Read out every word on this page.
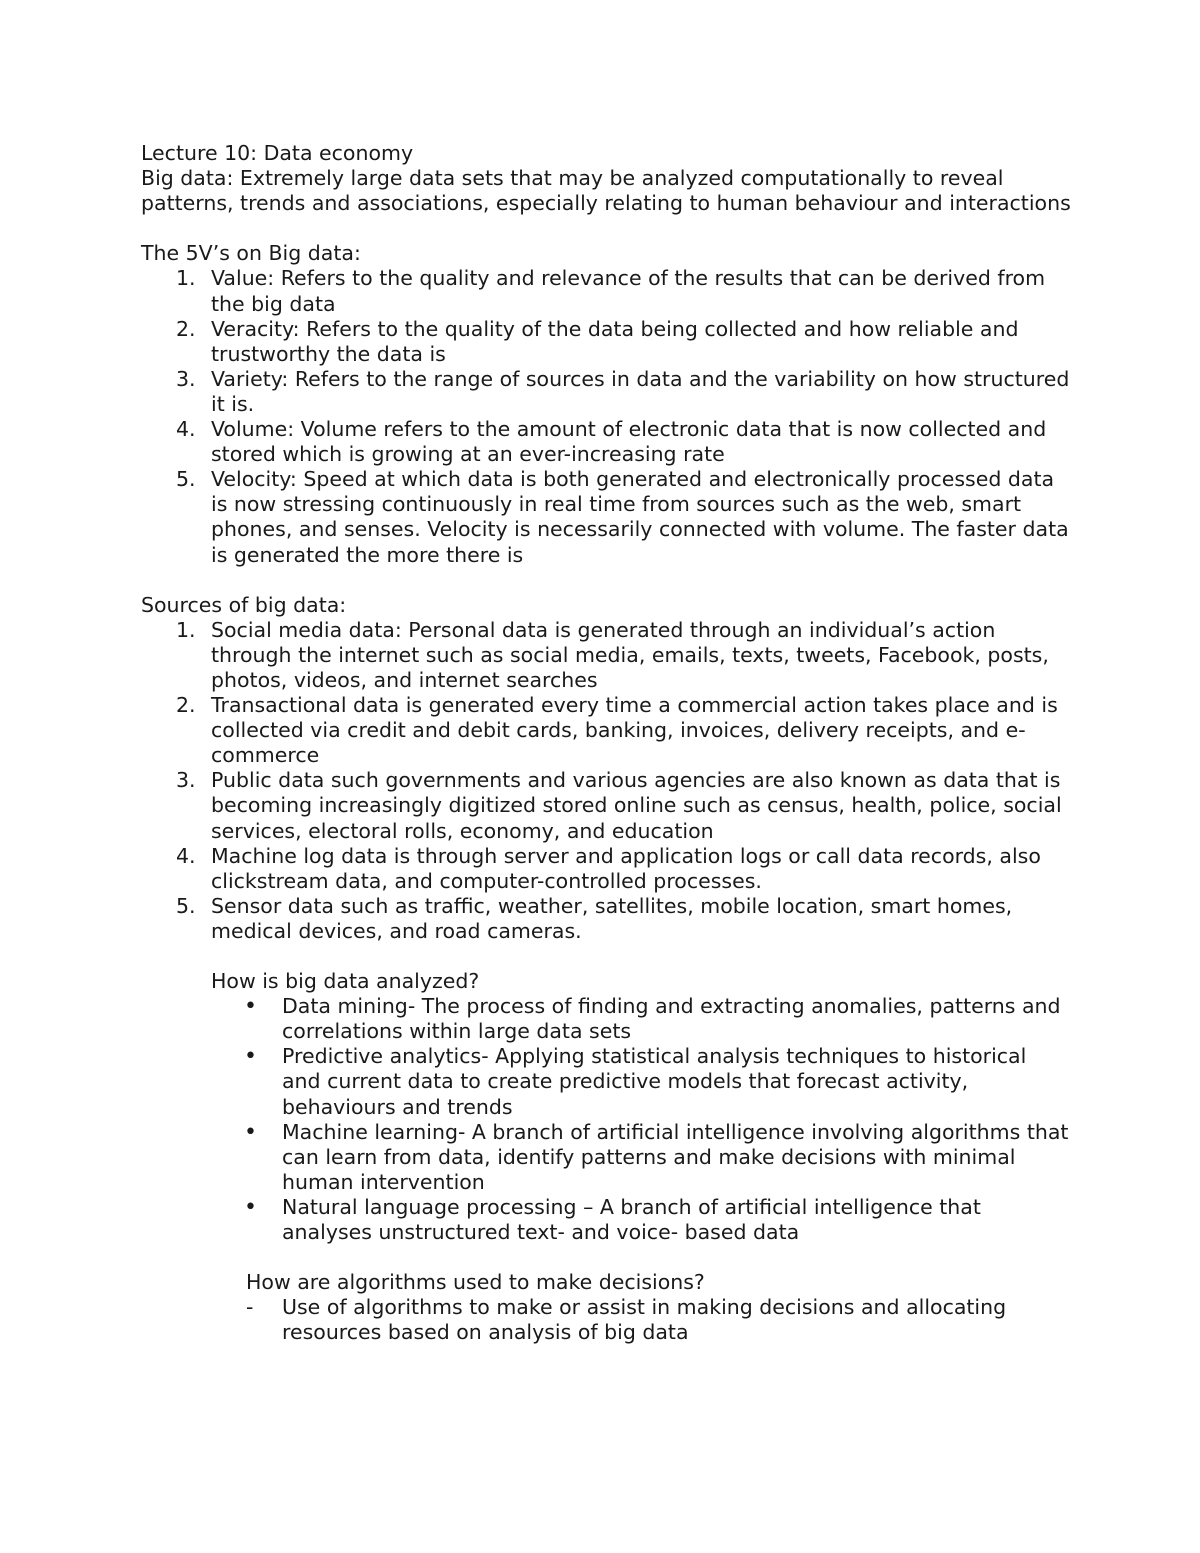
Lecture 10: Data economy
Big data: Extremely large data sets that may be analyzed computationally to reveal patterns, trends and associations, especially relating to human behaviour and interactions
The 5V’s on Big data:
1. Value: Refers to the quality and relevance of the results that can be derived from the big data
2. Veracity: Refers to the quality of the data being collected and how reliable and trustworthy the data is
3. Variety: Refers to the range of sources in data and the variability on how structured it is.
4. Volume: Volume refers to the amount of electronic data that is now collected and stored which is growing at an ever-increasing rate
5. Velocity: Speed at which data is both generated and electronically processed data is now stressing continuously in real time from sources such as the web, smart phones, and senses. Velocity is necessarily connected with volume. The faster data is generated the more there is
Sources of big data:
1. Social media data: Personal data is generated through an individual’s action through the internet such as social media, emails, texts, tweets, Facebook, posts, photos, videos, and internet searches
2. Transactional data is generated every time a commercial action takes place and is collected via credit and debit cards, banking, invoices, delivery receipts, and e-commerce
3. Public data such governments and various agencies are also known as data that is becoming increasingly digitized stored online such as census, health, police, social services, electoral rolls, economy, and education
4. Machine log data is through server and application logs or call data records, also clickstream data, and computer-controlled processes.
5. Sensor data such as traffic, weather, satellites, mobile location, smart homes, medical devices, and road cameras.
How is big data analyzed?
• Data mining- The process of finding and extracting anomalies, patterns and correlations within large data sets
• Predictive analytics- Applying statistical analysis techniques to historical and current data to create predictive models that forecast activity, behaviours and trends
• Machine learning- A branch of artificial intelligence involving algorithms that can learn from data, identify patterns and make decisions with minimal human intervention
• Natural language processing – A branch of artificial intelligence that analyses unstructured text- and voice- based data
How are algorithms used to make decisions?
- Use of algorithms to make or assist in making decisions and allocating resources based on analysis of big data
